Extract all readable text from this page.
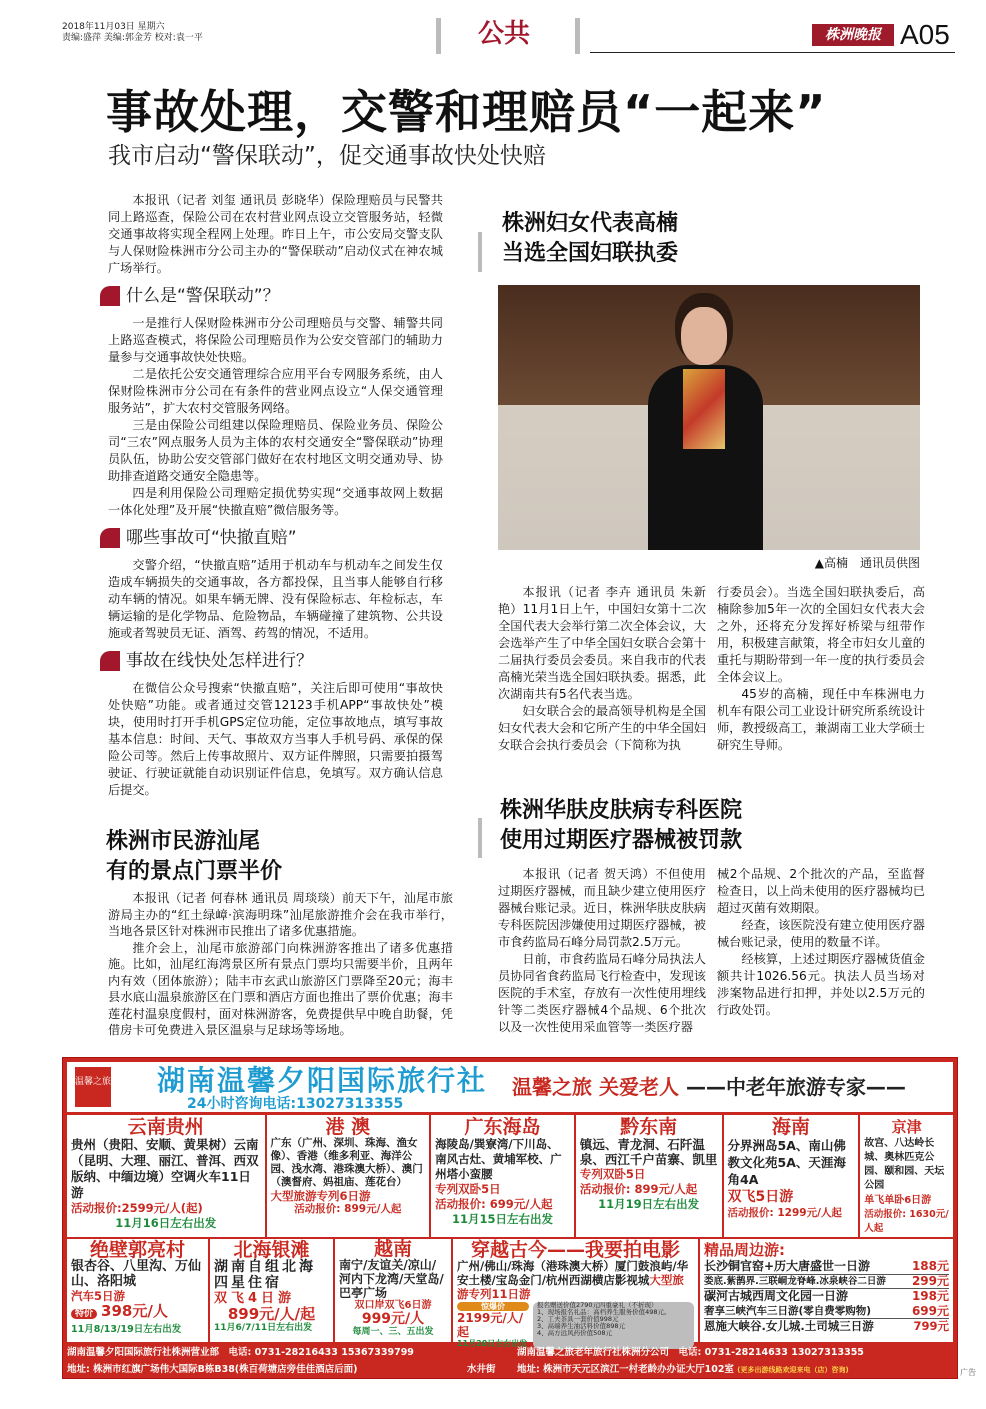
2018年11月03日 星期六
责编:盛萍 美编:郭金芳 校对:袁一平	公共	株洲晚报 A05
事故处理，交警和理赔员“一起来”
我市启动“警保联动”，促交通事故快处快赔

本报讯（记者 刘玺 通讯员 彭晓华）保险理赔员与民警共同上路巡查，保险公司在农村营业网点设立交管服务站，轻微交通事故将实现全程网上处理。昨日上午，市公安局交警支队与人保财险株洲市分公司主办的“警保联动”启动仪式在神农城广场举行。

什么是“警保联动”？

一是推行人保财险株洲市分公司理赔员与交警、辅警共同上路巡查模式，将保险公司理赔员作为公安交管部门的辅助力量参与交通事故快处快赔。

二是依托公安交通管理综合应用平台专网服务系统，由人保财险株洲市分公司在有条件的营业网点设立“人保交通管理服务站”，扩大农村交管服务网络。

三是由保险公司组建以保险理赔员、保险业务员、保险公司“三农”网点服务人员为主体的农村交通安全“警保联动”协理员队伍，协助公安交管部门做好在农村地区文明交通劝导、协助排查道路交通安全隐患等。

四是利用保险公司理赔定损优势实现“交通事故网上数据一体化处理”及开展“快撤直赔”微信服务等。

哪些事故可“快撤直赔”

交警介绍，“快撤直赔”适用于机动车与机动车之间发生仅造成车辆损失的交通事故，各方都投保，且当事人能够自行移动车辆的情况。如果车辆无牌、没有保险标志、年检标志，车辆运输的是化学物品、危险物品，车辆碰撞了建筑物、公共设施或者驾驶员无证、酒驾、药驾的情况，不适用。

事故在线快处怎样进行？

在微信公众号搜索“快撤直赔”，关注后即可使用“事故快处快赔”功能。或者通过交管12123手机APP“事故快处”模块，使用时打开手机GPS定位功能，定位事故地点，填写事故基本信息：时间、天气、事故双方当事人手机号码、承保的保险公司等。然后上传事故照片、双方证件牌照，只需要拍摄驾驶证、行驶证就能自动识别证件信息，免填写。双方确认信息后提交。

株洲妇女代表高楠
当选全国妇联执委
▲高楠　通讯员供图

本报讯（记者 李卉 通讯员 朱新艳）11月1日上午，中国妇女第十二次全国代表大会举行第二次全体会议，大会选举产生了中华全国妇女联合会第十二届执行委员会委员。来自我市的代表高楠光荣当选全国妇联执委。据悉，此次湖南共有5名代表当选。

妇女联合会的最高领导机构是全国妇女代表大会和它所产生的中华全国妇女联合会执行委员会（下简称为执

行委员会）。当选全国妇联执委后，高楠除参加5年一次的全国妇女代表大会之外，还将充分发挥好桥梁与纽带作用，积极建言献策，将全市妇女儿童的重托与期盼带到一年一度的执行委员会全体会议上。

45岁的高楠，现任中车株洲电力机车有限公司工业设计研究所系统设计师，教授级高工，兼湖南工业大学硕士研究生导师。

株洲华肤皮肤病专科医院
使用过期医疗器械被罚款

本报讯（记者 贺天鸿）不但使用过期医疗器械，而且缺少建立使用医疗器械台账记录。近日，株洲华肤皮肤病专科医院因涉嫌使用过期医疗器械，被市食药监局石峰分局罚款2.5万元。

日前，市食药监局石峰分局执法人员协同省食药监局飞行检查中，发现该医院的手术室，存放有一次性使用埋线针等二类医疗器械4个品规、6个批次以及一次性使用采血管等一类医疗器

械2个品规、2个批次的产品，至监督检查日，以上尚未使用的医疗器械均已超过灭菌有效期限。

经查，该医院没有建立使用医疗器械台账记录，使用的数量不详。

经核算，上述过期医疗器械货值金额共计1026.56元。执法人员当场对涉案物品进行扣押，并处以2.5万元的行政处罚。

株洲市民游汕尾
有的景点门票半价

本报讯（记者 何春林 通讯员 周琰琰）前天下午，汕尾市旅游局主办的“红土绿嶂·滨海明珠”汕尾旅游推介会在我市举行，当地各景区针对株洲市民推出了诸多优惠措施。

推介会上，汕尾市旅游部门向株洲游客推出了诸多优惠措施。比如，汕尾红海湾景区所有景点门票均只需要半价，且两年内有效（团体旅游）；陆丰市玄武山旅游区门票降至20元；海丰县水底山温泉旅游区在门票和酒店方面也推出了票价优惠；海丰莲花村温泉度假村，面对株洲游客，免费提供早中晚自助餐，凭借房卡可免费进入景区温泉与足球场等场地。

温馨之旅 湖南温馨夕阳国际旅行社
24小时咨询电话:13027313355
温馨之旅 关爱老人 ——中老年旅游专家——
云南贵州
贵州（贵阳、安顺、黄果树）云南（昆明、大理、丽江、普洱、西双版纳、中缅边境）空调火车11日游
活动报价:2599元/人(起)
11月16日左右出发
港 澳
广东（广州、深圳、珠海、渔女像）、香港（维多利亚、海洋公园、浅水湾、港珠澳大桥）、澳门（澳督府、妈祖庙、莲花台）
大型旅游专列6日游
活动报价: 899元/人起
广东海岛
海陵岛/巽寮湾/下川岛、南风古灶、黄埔军校、广州塔小蛮腰
专列双卧5日
活动报价: 699元/人起
11月15日左右出发
黔东南
镇远、青龙洞、石阡温泉、西江千户苗寨、凯里
专列双卧5日
活动报价: 899元/人起
11月19日左右出发
海南
分界洲岛5A、南山佛教文化苑5A、天涯海角4A
双飞5日游
活动报价: 1299元/人起
京津
故宫、八达岭长城、奥林匹克公园、颐和园、天坛公园
单飞单卧6日游
活动报价: 1630元/人起
绝壁郭亮村
银杏谷、八里沟、万仙山、洛阳城
汽车5日游
特价 398元/人
11月8/13/19日左右出发
北海银滩
湖南自组北海四星住宿
双飞4日游
899元/人/起
11月6/7/11日左右出发
越南
南宁/友谊关/凉山/河内下龙湾/天堂岛/巴亭广场
双口岸双飞6日游
999元/人
每周一、三、五出发
穿越古今——我要拍电影
广州/佛山/珠海（港珠澳大桥）厦门鼓浪屿/华安土楼/宝岛金门/杭州西湖横店影视城大型旅游专列11日游
惊爆价
2199元/人/起
11月28日左右出发
报名赠送价值2790元四重豪礼（不折现）
1、现场报名礼品：高档养生服务价值498元。
2、工夫茶具一套价值998元
3、高端养生油活料价值898元
4、高方远风药价值508元
精品周边游:
长沙铜官窑+历大唐盛世一日游	188元
娄底.紫鹊界.三联峒龙脊峰.冰泉峡谷二日游 299元
碳河古城西周文化园一日游	198元
奢享三峡汽车三日游(零自费零购物)	699元
恩施大峡谷.女儿城.土司城三日游	799元
湖南温馨夕阳国际旅行社株洲营业部　 电话: 0731-28216433 15367339799
地址: 株洲市红旗广场伟大国际B栋B38(株百荷塘店旁佳佳酒店后面)	水井街
湖南温馨之旅老年旅行社株洲分公司　 电话: 0731-28214633 13027313355
地址: 株洲市天元区滨江一村老龄办办证大厅102室 (更多出游线路欢迎来电（店）咨询)	广告
